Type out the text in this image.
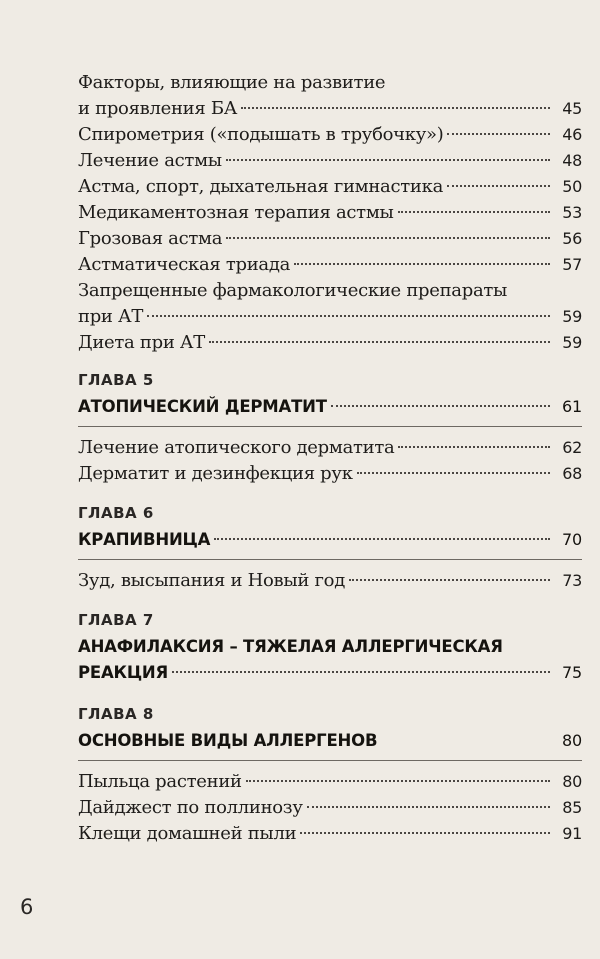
Факторы, влияющие на развитие
и проявления БА	45
Спирометрия («подышать в трубочку»)	46
Лечение астмы	48
Астма, спорт, дыхательная гимнастика	50
Медикаментозная терапия астмы	53
Грозовая астма	56
Астматическая триада	57
Запрещенные фармакологические препараты
при АТ	59
Диета при АТ	59
ГЛАВА 5
АТОПИЧЕСКИЙ ДЕРМАТИТ	61
Лечение атопического дерматита	62
Дерматит и дезинфекция рук	68
ГЛАВА 6
КРАПИВНИЦА	70
Зуд, высыпания и Новый год	73
ГЛАВА 7
АНАФИЛАКСИЯ – ТЯЖЕЛАЯ АЛЛЕРГИЧЕСКАЯ
РЕАКЦИЯ	75
ГЛАВА 8
ОСНОВНЫЕ ВИДЫ АЛЛЕРГЕНОВ	80
Пыльца растений	80
Дайджест по поллинозу	85
Клещи домашней пыли	91
6
